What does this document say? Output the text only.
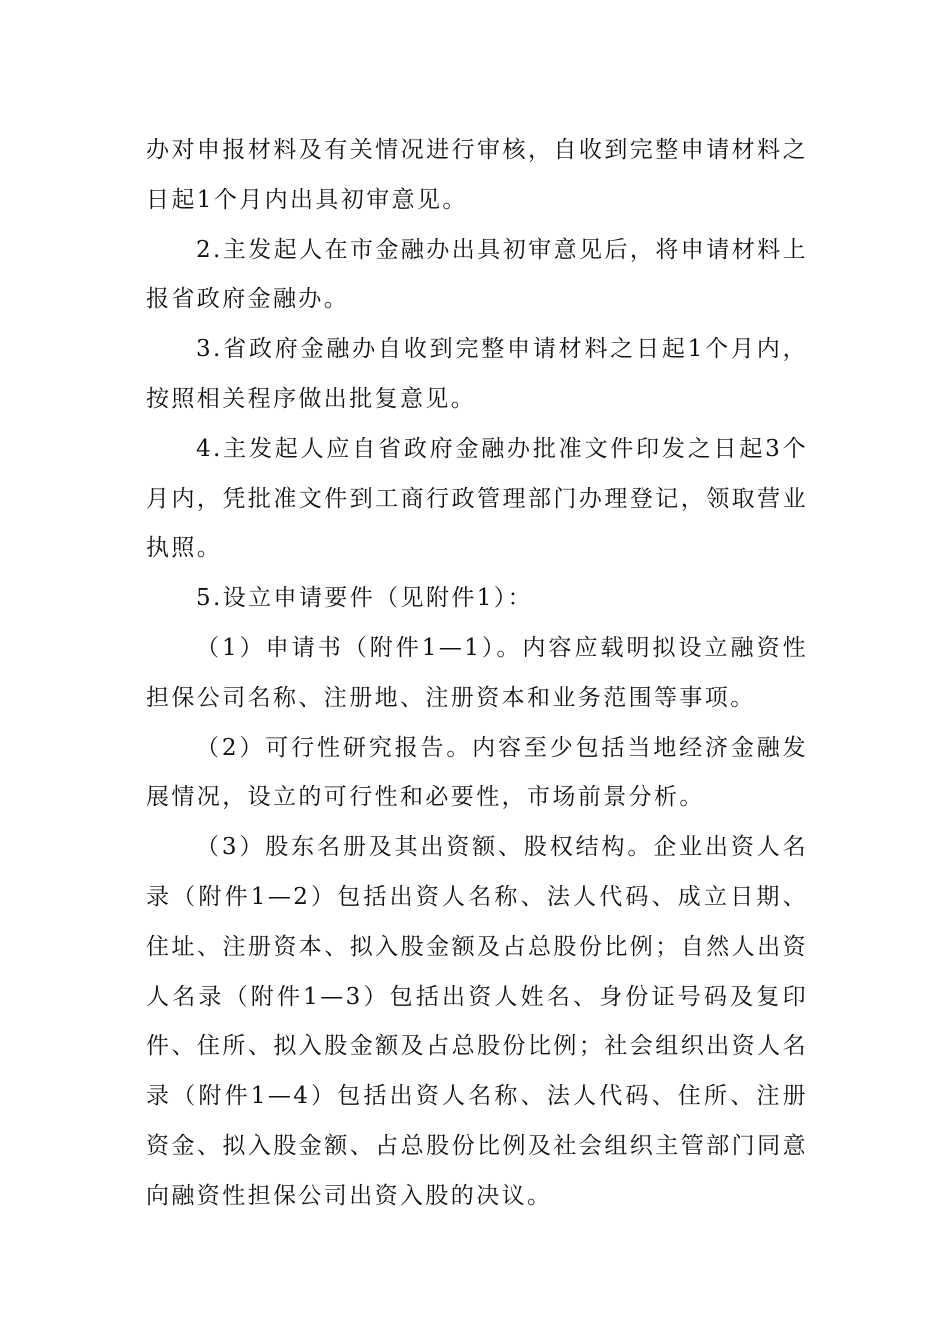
办对申报材料及有关情况进行审核，自收到完整申请材料之日起1个月内出具初审意见。

2.主发起人在市金融办出具初审意见后，将申请材料上报省政府金融办。

3.省政府金融办自收到完整申请材料之日起1个月内，按照相关程序做出批复意见。

4.主发起人应自省政府金融办批准文件印发之日起3个月内，凭批准文件到工商行政管理部门办理登记，领取营业执照。

5.设立申请要件（见附件1）：

（1）申请书（附件1—1）。内容应载明拟设立融资性担保公司名称、注册地、注册资本和业务范围等事项。

（2）可行性研究报告。内容至少包括当地经济金融发展情况，设立的可行性和必要性，市场前景分析。

（3）股东名册及其出资额、股权结构。企业出资人名录（附件1—2）包括出资人名称、法人代码、成立日期、住址、注册资本、拟入股金额及占总股份比例；自然人出资人名录（附件1—3）包括出资人姓名、身份证号码及复印件、住所、拟入股金额及占总股份比例；社会组织出资人名录（附件1—4）包括出资人名称、法人代码、住所、注册资金、拟入股金额、占总股份比例及社会组织主管部门同意向融资性担保公司出资入股的决议。
